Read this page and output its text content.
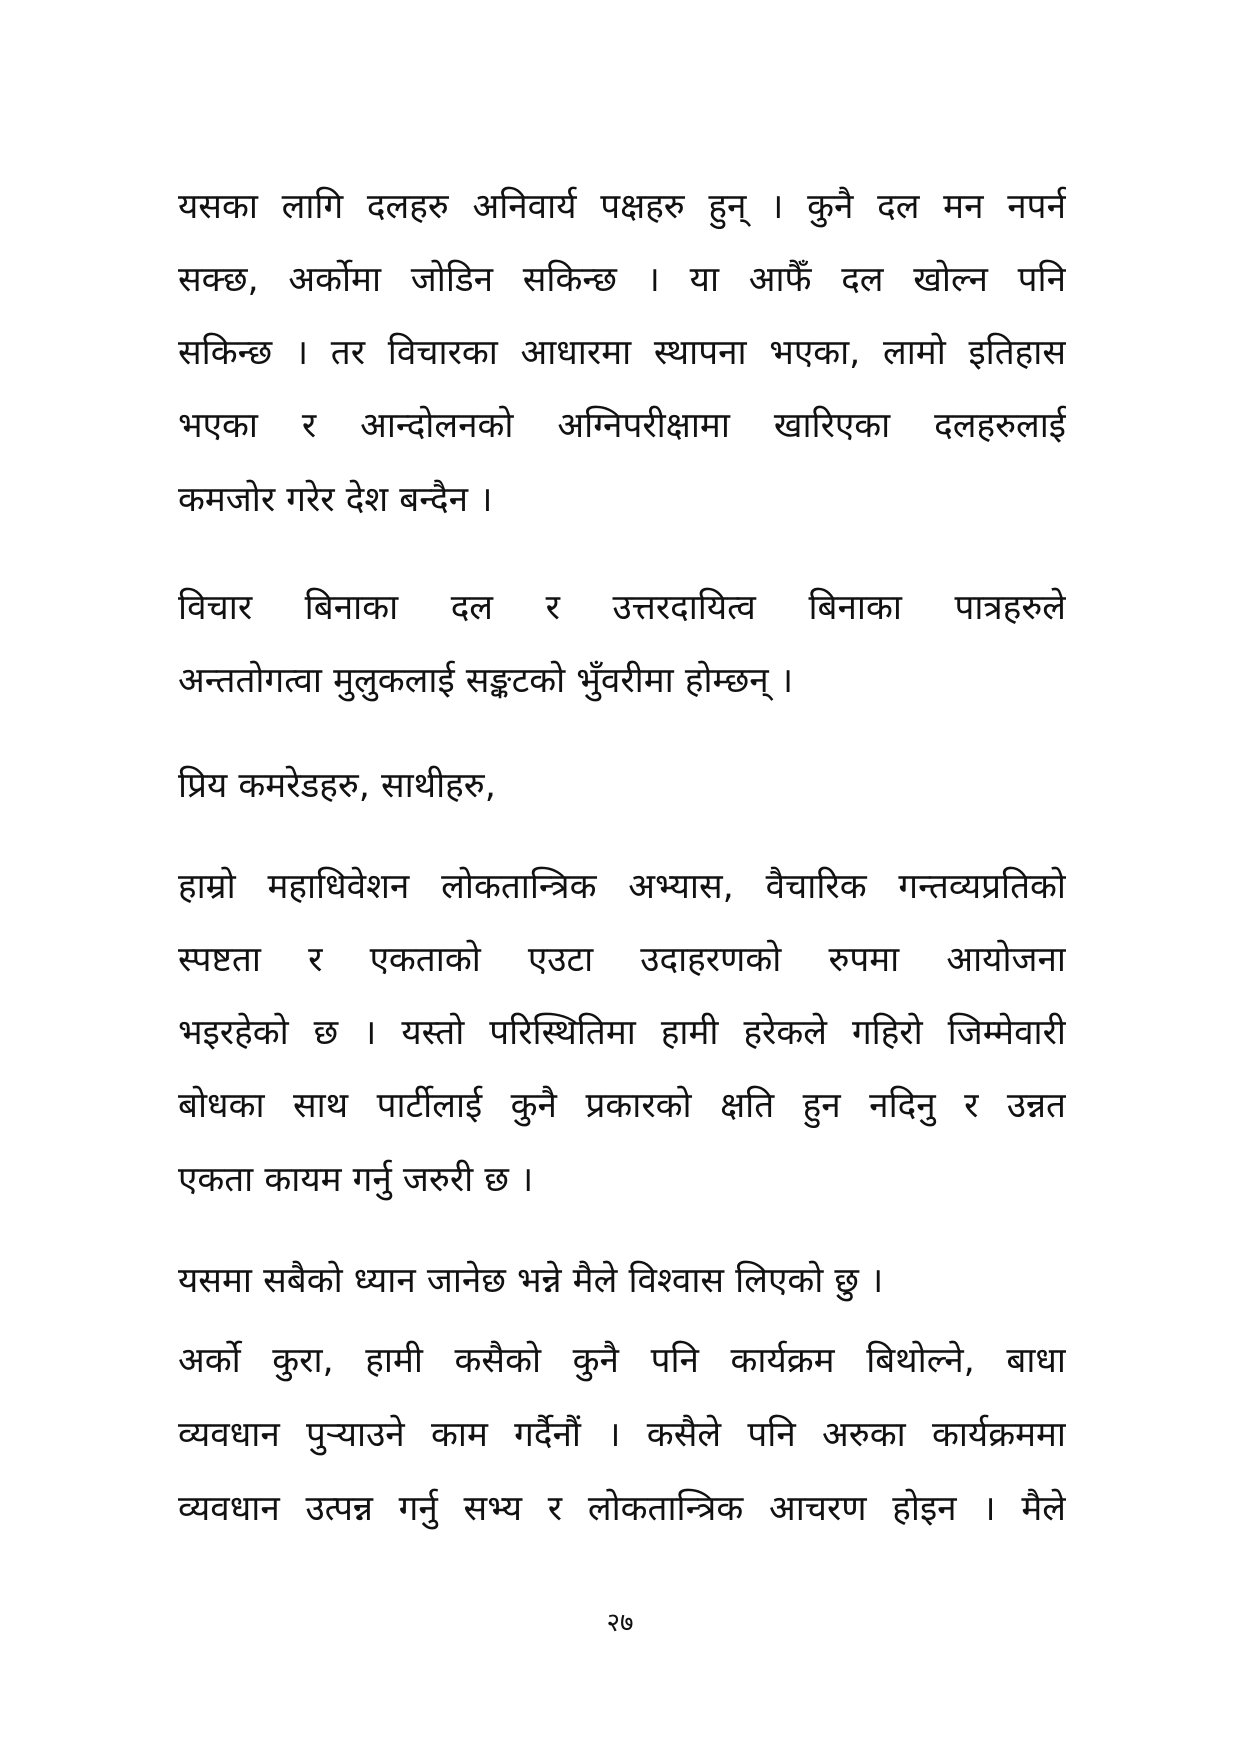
यसका लागि दलहरु अनिवार्य पक्षहरु हुन् । कुनै दल मन नपर्न
सक्छ, अर्कोमा जोडिन सकिन्छ । या आफैँ दल खोल्न पनि
सकिन्छ । तर विचारका आधारमा स्थापना भएका, लामो इतिहास
भएका र आन्दोलनको अग्निपरीक्षामा खारिएका दलहरुलाई
कमजोर गरेर देश बन्दैन ।
विचार बिनाका दल र उत्तरदायित्व बिनाका पात्रहरुले
अन्ततोगत्वा मुलुकलाई सङ्कटको भुँवरीमा होम्छन् ।
प्रिय कमरेडहरु, साथीहरु,
हाम्रो महाधिवेशन लोकतान्त्रिक अभ्यास, वैचारिक गन्तव्यप्रतिको
स्पष्टता र एकताको एउटा उदाहरणको रुपमा आयोजना
भइरहेको छ । यस्तो परिस्थितिमा हामी हरेकले गहिरो जिम्मेवारी
बोधका साथ पार्टीलाई कुनै प्रकारको क्षति हुन नदिनु र उन्नत
एकता कायम गर्नु जरुरी छ ।
यसमा सबैको ध्यान जानेछ भन्ने मैले विश्वास लिएको छु ।
अर्को कुरा, हामी कसैको कुनै पनि कार्यक्रम बिथोल्ने, बाधा
व्यवधान पुर्‍याउने काम गर्दैनौं । कसैले पनि अरुका कार्यक्रममा
व्यवधान उत्पन्न गर्नु सभ्य र लोकतान्त्रिक आचरण होइन । मैले
२७
